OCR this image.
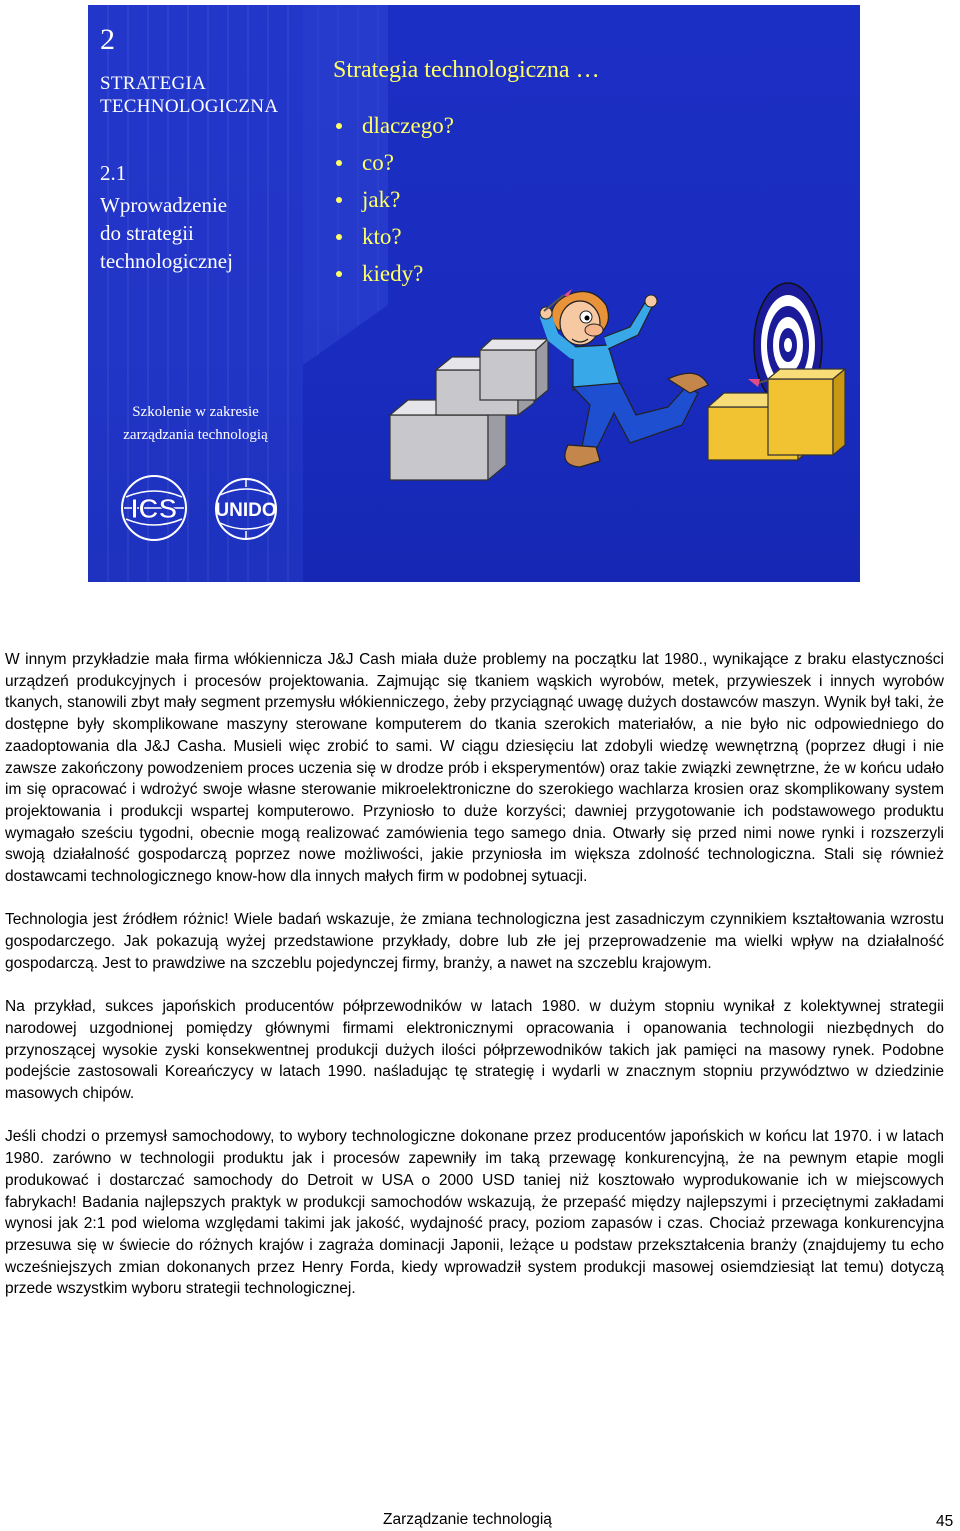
2
STRATEGIA
TECHNOLOGICZNA
2.1
Wprowadzenie
do strategii
technologicznej
Strategia technologiczna …
dlaczego?
co?
jak?
kto?
kiedy?
Szkolenie w zakresie
zarządzania technologią
ICS UNIDO

W innym przykładzie mała firma włókiennicza J&J Cash miała duże problemy na początku lat 1980., wynikające z braku elastyczności urządzeń produkcyjnych i procesów projektowania. Zajmując się tkaniem wąskich wyrobów, metek, przywieszek i innych wyrobów tkanych, stanowili zbyt mały segment przemysłu włókienniczego, żeby przyciągnąć uwagę dużych dostawców maszyn. Wynik był taki, że dostępne były skomplikowane maszyny sterowane komputerem do tkania szerokich materiałów, a nie było nic odpowiedniego do zaadoptowania dla J&J Casha. Musieli więc zrobić to sami. W ciągu dziesięciu lat zdobyli wiedzę wewnętrzną (poprzez długi i nie zawsze zakończony powodzeniem proces uczenia się w drodze prób i eksperymentów) oraz takie związki zewnętrzne, że w końcu udało im się opracować i wdrożyć swoje własne sterowanie mikroelektroniczne do szerokiego wachlarza krosien oraz skomplikowany system projektowania i produkcji wspartej komputerowo. Przyniosło to duże korzyści; dawniej przygotowanie ich podstawowego produktu wymagało sześciu tygodni, obecnie mogą realizować zamówienia tego samego dnia. Otwarły się przed nimi nowe rynki i rozszerzyli swoją działalność gospodarczą poprzez nowe możliwości, jakie przyniosła im większa zdolność technologiczna. Stali się również dostawcami technologicznego know-how dla innych małych firm w podobnej sytuacji.

Technologia jest źródłem różnic! Wiele badań wskazuje, że zmiana technologiczna jest zasadniczym czynnikiem kształtowania wzrostu gospodarczego. Jak pokazują wyżej przedstawione przykłady, dobre lub złe jej przeprowadzenie ma wielki wpływ na działalność gospodarczą. Jest to prawdziwe na szczeblu pojedynczej firmy, branży, a nawet na szczeblu krajowym.

Na przykład, sukces japońskich producentów półprzewodników w latach 1980. w dużym stopniu wynikał z kolektywnej strategii narodowej uzgodnionej pomiędzy głównymi firmami elektronicznymi opracowania i opanowania technologii niezbędnych do przynoszącej wysokie zyski konsekwentnej produkcji dużych ilości półprzewodników takich jak pamięci na masowy rynek. Podobne podejście zastosowali Koreańczycy w latach 1990. naśladując tę strategię i wydarli w znacznym stopniu przywództwo w dziedzinie masowych chipów.

Jeśli chodzi o przemysł samochodowy, to wybory technologiczne dokonane przez producentów japońskich w końcu lat 1970. i w latach 1980. zarówno w technologii produktu jak i procesów zapewniły im taką przewagę konkurencyjną, że na pewnym etapie mogli produkować i dostarczać samochody do Detroit w USA o 2000 USD taniej niż kosztowało wyprodukowanie ich w miejscowych fabrykach! Badania najlepszych praktyk w produkcji samochodów wskazują, że przepaść między najlepszymi i przeciętnymi zakładami wynosi jak 2:1 pod wieloma względami takimi jak jakość, wydajność pracy, poziom zapasów i czas. Chociaż przewaga konkurencyjna przesuwa się w świecie do różnych krajów i zagraża dominacji Japonii, leżące u podstaw przekształcenia branży (znajdujemy tu echo wcześniejszych zmian dokonanych przez Henry Forda, kiedy wprowadził system produkcji masowej osiemdziesiąt lat temu) dotyczą przede wszystkim wyboru strategii technologicznej.

Zarządzanie technologią	45
